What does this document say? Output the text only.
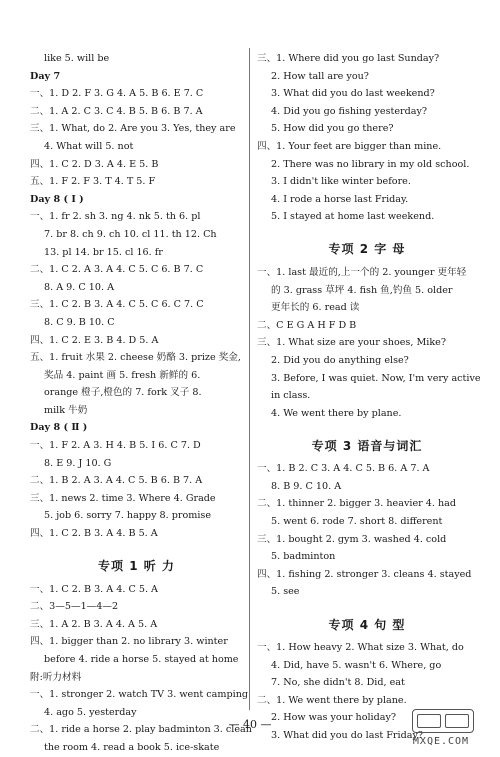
like 5. will be
Day 7
一、1. D 2. F 3. G 4. A 5. B 6. E 7. C
二、1. A 2. C 3. C 4. B 5. B 6. B 7. A
三、1. What, do 2. Are you 3. Yes, they are
4. What will 5. not
四、1. C 2. D 3. A 4. E 5. B
五、1. F 2. F 3. T 4. T 5. F
Day 8 ( Ⅰ )
一、1. fr 2. sh 3. ng 4. nk 5. th 6. pl
7. br 8. ch 9. ch 10. cl 11. th 12. Ch
13. pl 14. br 15. cl 16. fr
二、1. C 2. A 3. A 4. C 5. C 6. B 7. C
8. A 9. C 10. A
三、1. C 2. B 3. A 4. C 5. C 6. C 7. C
8. C 9. B 10. C
四、1. C 2. E 3. B 4. D 5. A
五、1. fruit 水果 2. cheese 奶酪 3. prize 奖金,
奖品 4. paint 画 5. fresh 新鲜的 6.
orange 橙子,橙色的 7. fork 叉子 8.
milk 牛奶
Day 8 ( Ⅱ )
一、1. F 2. A 3. H 4. B 5. I 6. C 7. D
8. E 9. J 10. G
二、1. B 2. A 3. A 4. C 5. B 6. B 7. A
三、1. news 2. time 3. Where 4. Grade
5. job 6. sorry 7. happy 8. promise
四、1. C 2. B 3. A 4. B 5. A
专项 1 听 力
一、1. C 2. B 3. A 4. C 5. A
二、3—5—1—4—2
三、1. A 2. B 3. A 4. A 5. A
四、1. bigger than 2. no library 3. winter
before 4. ride a horse 5. stayed at home
附:听力材料
一、1. stronger 2. watch TV 3. went camping
4. ago 5. yesterday
二、1. ride a horse 2. play badminton 3. clean
the room 4. read a book 5. ice-skate
三、1. Where did you go last Sunday?
2. How tall are you?
3. What did you do last weekend?
4. Did you go fishing yesterday?
5. How did you go there?
四、1. Your feet are bigger than mine.
2. There was no library in my old school.
3. I didn't like winter before.
4. I rode a horse last Friday.
5. I stayed at home last weekend.
专项 2 字 母
一、1. last 最近的,上一个的 2. younger 更年轻
的 3. grass 草坪 4. fish 鱼,钓鱼 5. older
更年长的 6. read 读
二、C E G A H F D B
三、1. What size are your shoes, Mike?
2. Did you do anything else?
3. Before, I was quiet. Now, I'm very active
in class.
4. We went there by plane.
专项 3 语音与词汇
一、1. B 2. C 3. A 4. C 5. B 6. A 7. A
8. B 9. C 10. A
二、1. thinner 2. bigger 3. heavier 4. had
5. went 6. rode 7. short 8. different
三、1. bought 2. gym 3. washed 4. cold
5. badminton
四、1. fishing 2. stronger 3. cleans 4. stayed
5. see
专项 4 句 型
一、1. How heavy 2. What size 3. What, do
4. Did, have 5. wasn't 6. Where, go
7. No, she didn't 8. Did, eat
二、1. We went there by plane.
2. How was your holiday?
3. What did you do last Friday?
— 40 —
MXQE.COM
